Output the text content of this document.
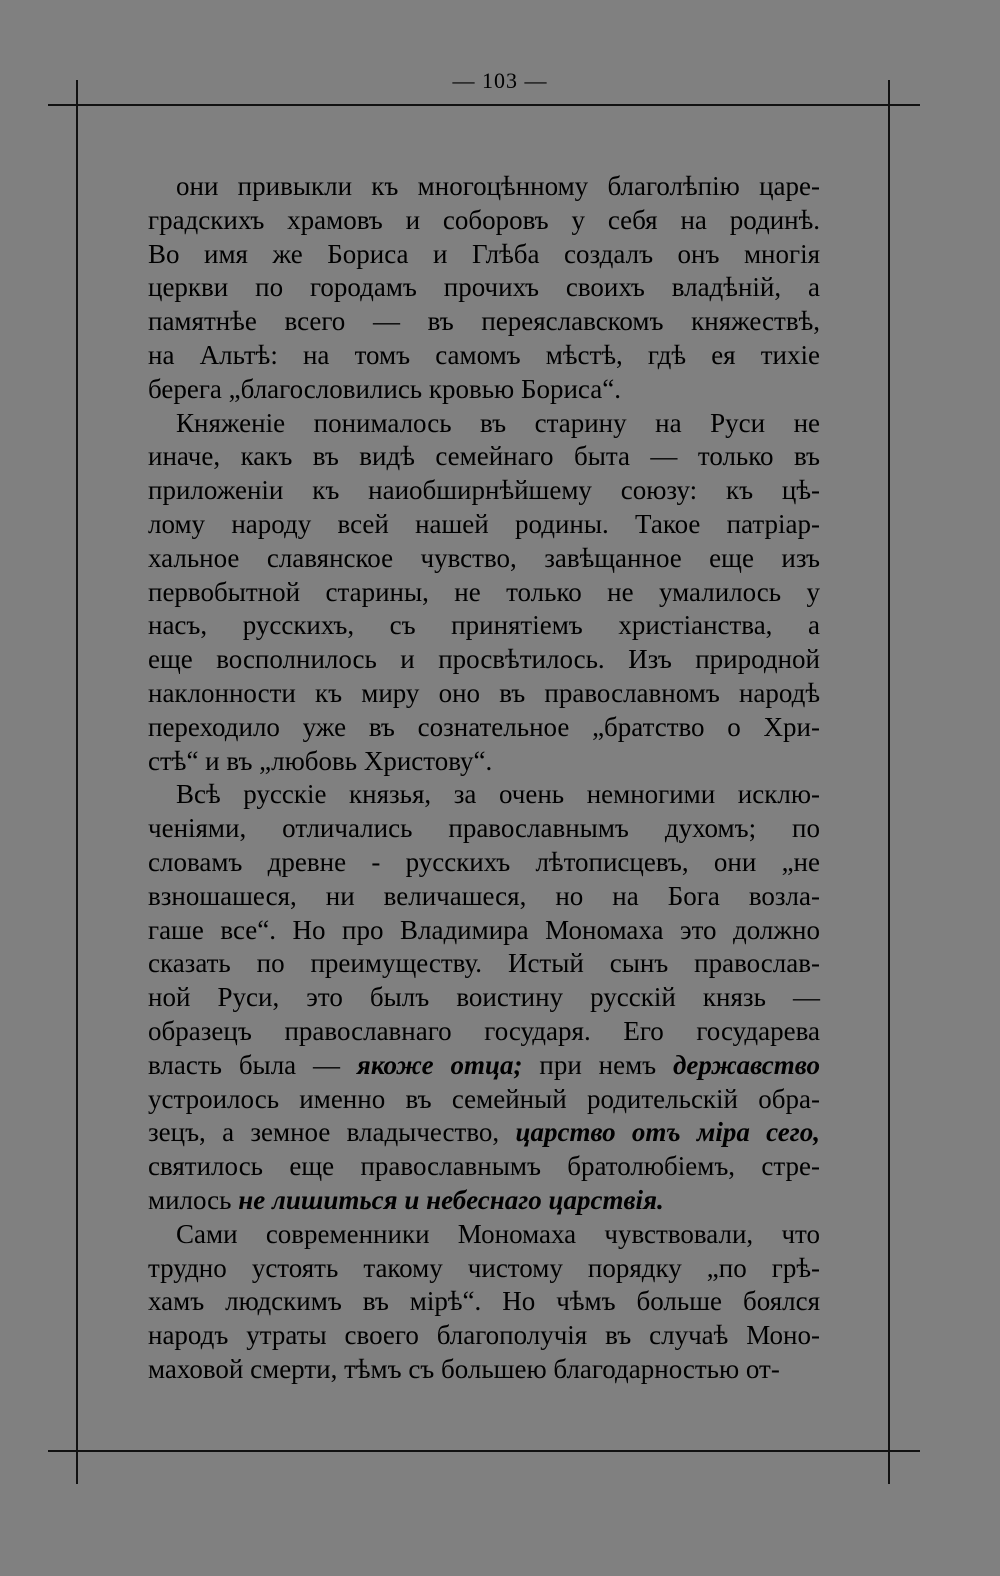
— 103 —
они привыкли къ многоцѣнному благолѣпію царе-
градскихъ храмовъ и соборовъ у себя на родинѣ.
Во имя же Бориса и Глѣба создалъ онъ многія
церкви по городамъ прочихъ своихъ владѣній, а
памятнѣе всего — въ переяславскомъ княжествѣ,
на Альтѣ: на томъ самомъ мѣстѣ, гдѣ ея тихіе
берега „благословились кровью Бориса“.
Княженіе понималось въ старину на Руси не
иначе, какъ въ видѣ семейнаго быта — только въ
приложеніи къ наиобширнѣйшему союзу: къ цѣ-
лому народу всей нашей родины. Такое патріар-
хальное славянское чувство, завѣщанное еще изъ
первобытной старины, не только не умалилось у
насъ, русскихъ, съ принятіемъ христіанства, а
еще восполнилось и просвѣтилось. Изъ природной
наклонности къ миру оно въ православномъ народѣ
переходило уже въ сознательное „братство о Хри-
стѣ“ и въ „любовь Христову“.
Всѣ русскіе князья, за очень немногими исклю-
ченіями, отличались православнымъ духомъ; по
словамъ древне - русскихъ лѣтописцевъ, они „не
взношашеся, ни величашеся, но на Бога возла-
гаше все“. Но про Владимира Мономаха это должно
сказать по преимуществу. Истый сынъ православ-
ной Руси, это былъ воистину русскій князь —
образецъ православнаго государя. Его государева
власть была — якоже отца; при немъ державство
устроилось именно въ семейный родительскій обра-
зецъ, а земное владычество, царство отъ міра сего,
святилось еще православнымъ братолюбіемъ, стре-
милось не лишиться и небеснаго царствія.
Сами современники Мономаха чувствовали, что
трудно устоять такому чистому порядку „по грѣ-
хамъ людскимъ въ мірѣ“. Но чѣмъ больше боялся
народъ утраты своего благополучія въ случаѣ Моно-
маховой смерти, тѣмъ съ большею благодарностью от-
